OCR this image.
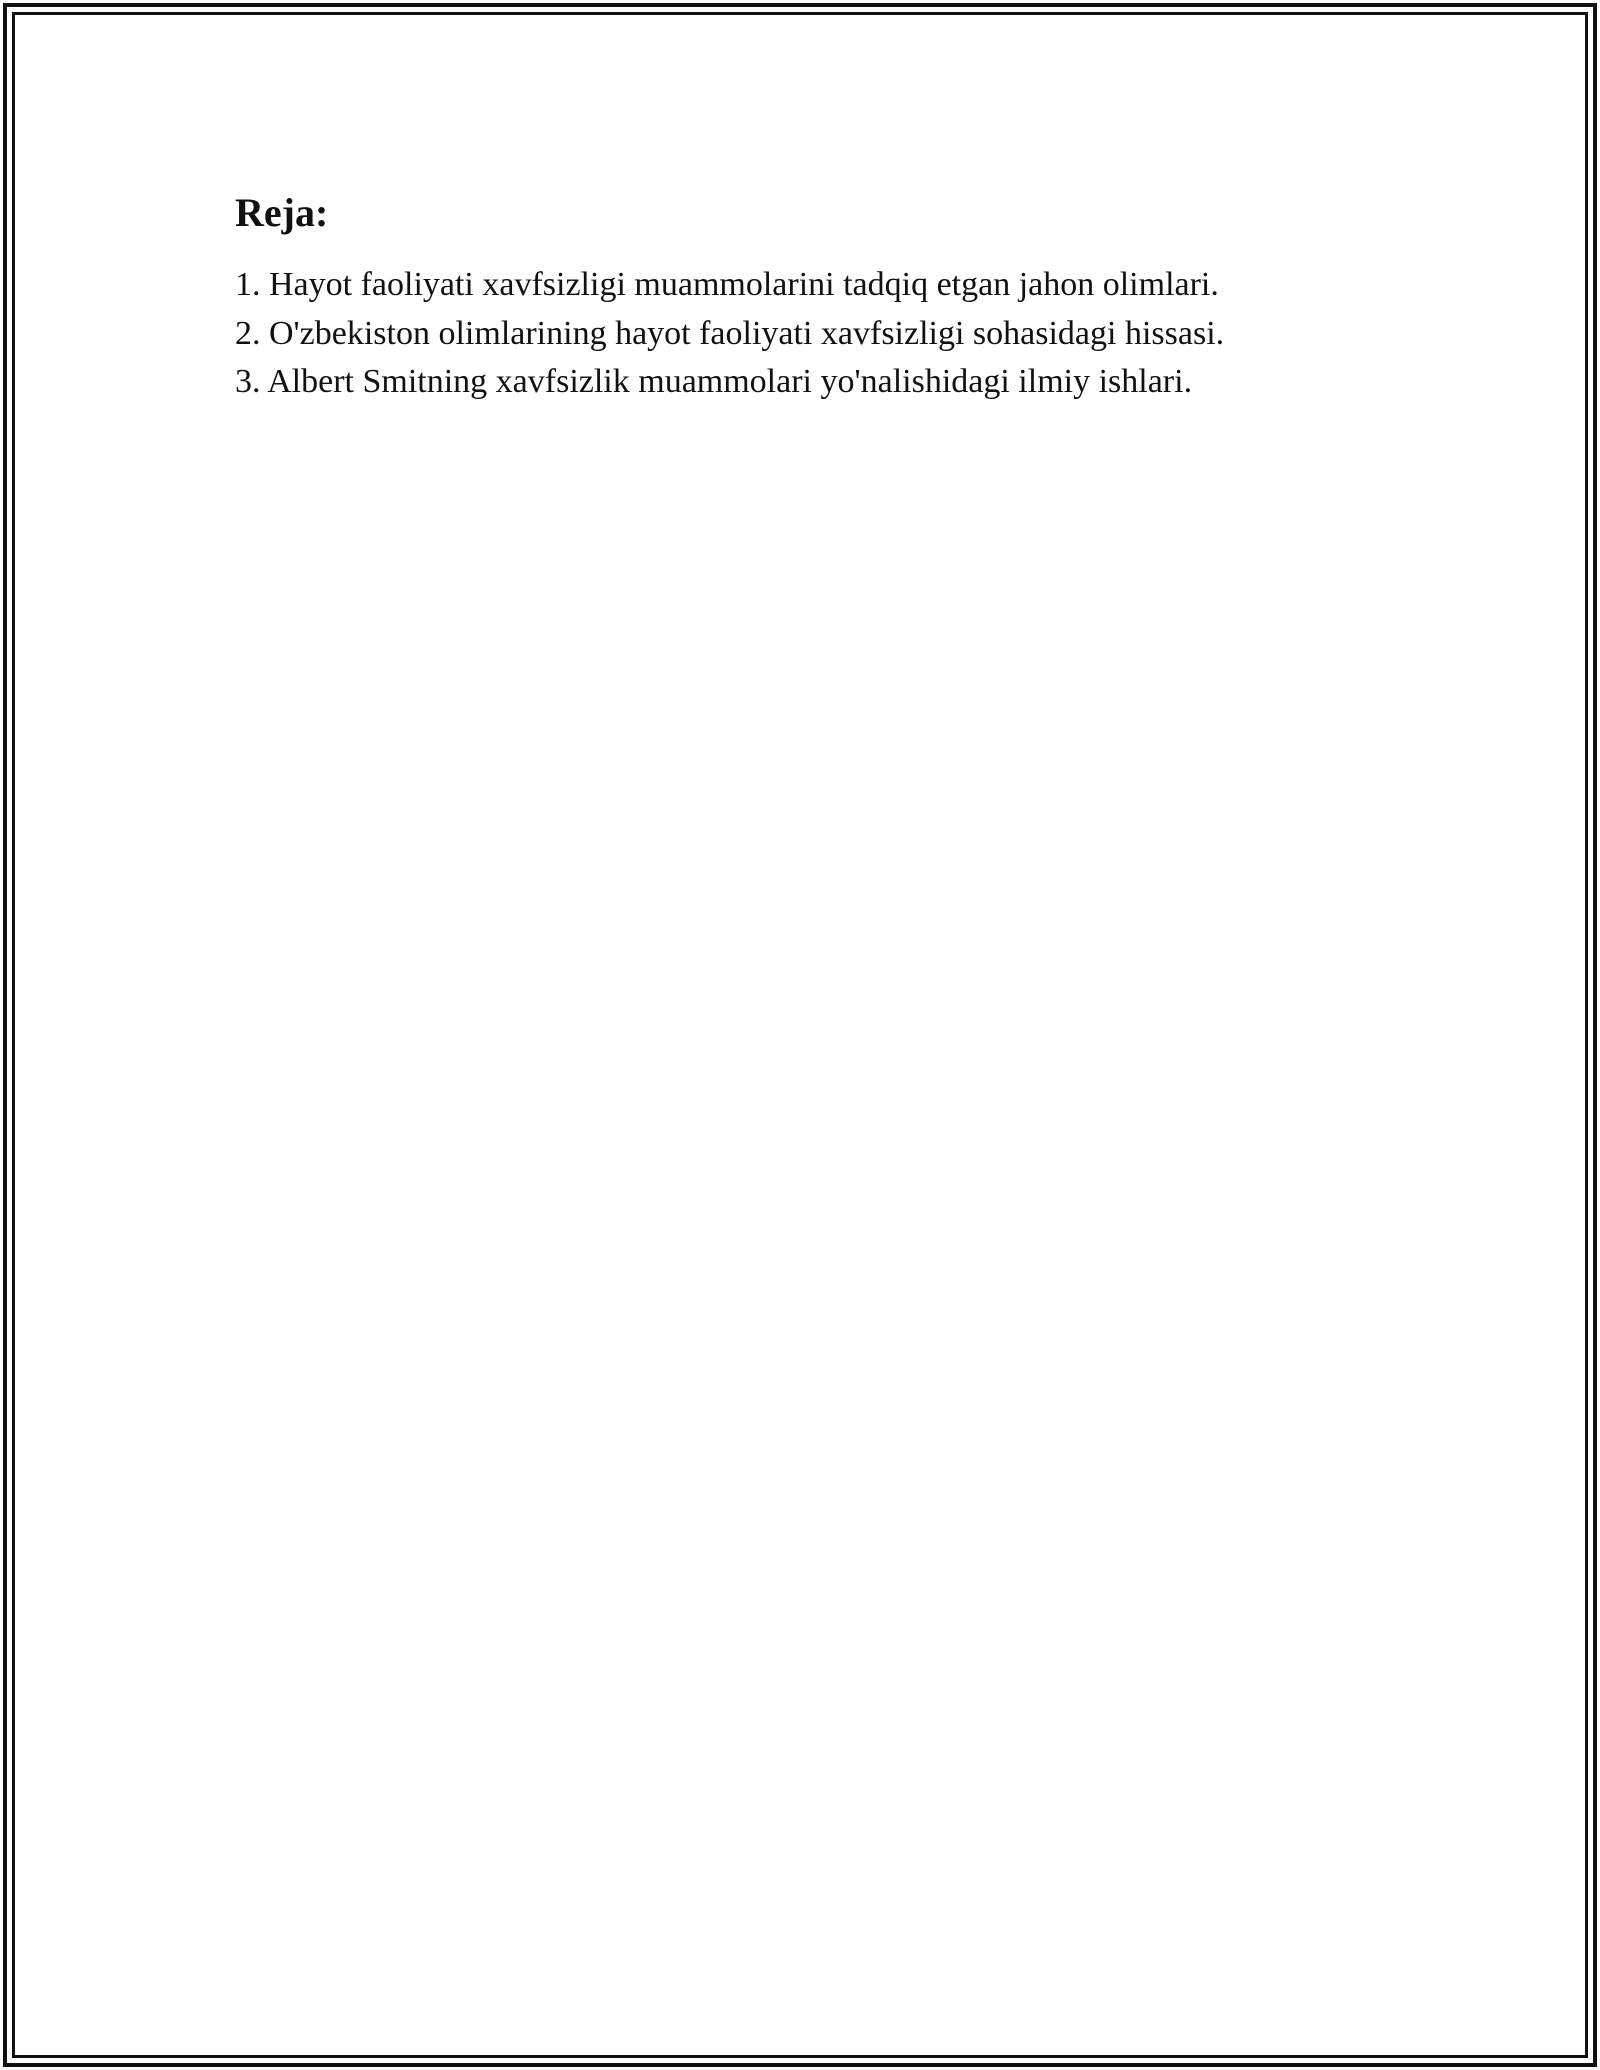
Reja:
1. Hayot faoliyati xavfsizligi muammolarini tadqiq etgan jahon olimlari.
2. O'zbekiston olimlarining hayot faoliyati xavfsizligi sohasidagi hissasi.
3. Albert Smitning xavfsizlik muammolari yo'nalishidagi ilmiy ishlari.
